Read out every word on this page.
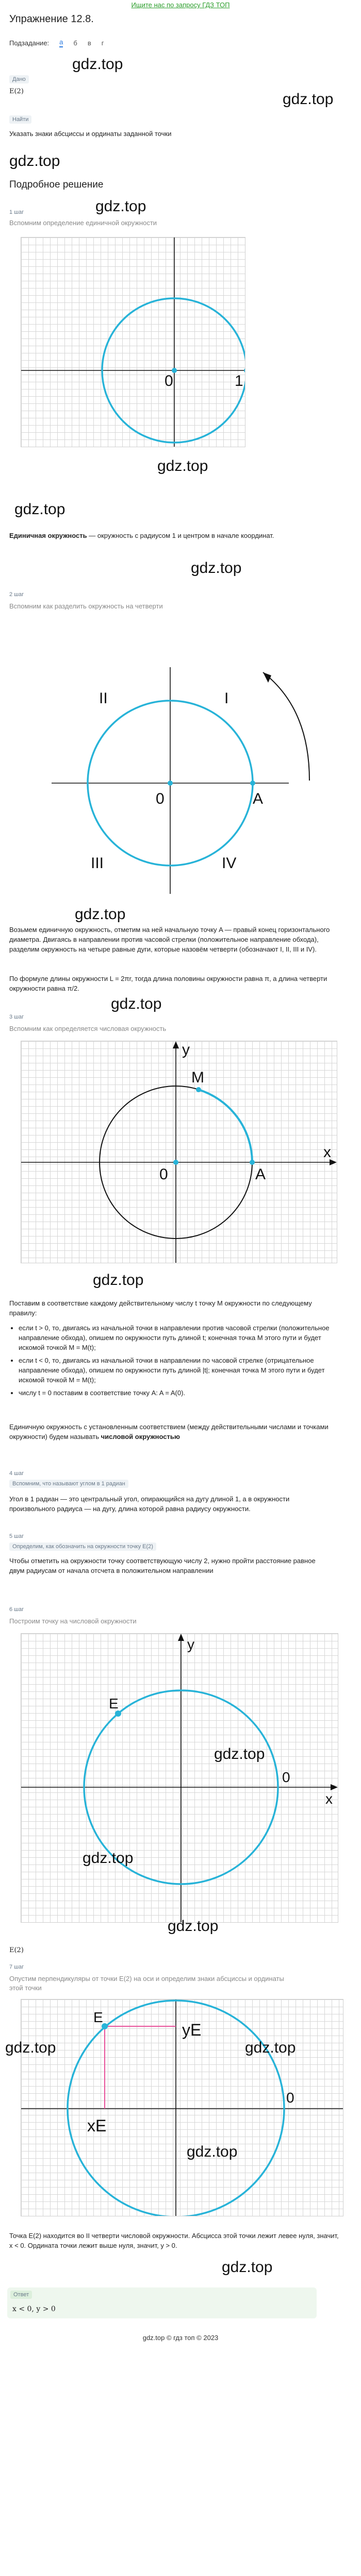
Ищите нас по запросу ГДЗ ТОП
Упражнение 12.8.
Подзадание: а б в г
gdz.top
Дано
E(2)	gdz.top
Найти
Указать знаки абсциссы и ординаты заданной точки
gdz.top
Подробное решение
gdz.top
1 шаг
Вспомним определение единичной окружности
0	1
gdz.top
gdz.top
Единичная окружность — окружность с радиусом 1 и центром в начале координат.
gdz.top
2 шаг
Вспомним как разделить окружность на четверти
I
II
III	IV
0	A
gdz.top
Возьмем единичную окружность, отметим на ней начальную точку A — правый конец горизонтального диаметра. Двигаясь в направлении против часовой стрелки (положительное направление обхода), разделим окружность на четыре равные дуги, которые назовём четверти (обозначают I, II, III и IV).
По формуле длины окружности L = 2πr, тогда длина половины окружности равна π, а длина четверти окружности равна π/2.
gdz.top
3 шаг
Вспомним как определяется числовая окружность
M
A
0
x
y
gdz.top
Поставим в соответствие каждому действительному числу t точку M окружности по следующему правилу:
• если t > 0, то, двигаясь из начальной точки в направлении против часовой стрелки (положительное направление обхода), опишем по окружности путь длиной t; конечная точка M этого пути и будет искомой точкой M = M(t);
• если t < 0, то, двигаясь из начальной точки в направлении по часовой стрелке (отрицательное направление обхода), опишем по окружности путь длиной |t|; конечная точка M этого пути и будет искомой точкой M = M(t);
• числу t = 0 поставим в соответствие точку A: A = A(0).
Единичную окружность с установленным соответствием (между действительными числами и точками окружности) будем называть числовой окружностью
4 шаг
Вспомним, что называют углом в 1 радиан
Угол в 1 радиан — это центральный угол, опирающийся на дугу длиной 1, а в окружности произвольного радиуса — на дугу, длина которой равна радиусу окружности.
5 шаг
Определим, как обозначить на окружности точку E(2)
Чтобы отметить на окружности точку соответствующую числу 2, нужно пройти расстояние равное двум радиусам от начала отсчета в положительном направлении
6 шаг
Построим точку на числовой окружности
E
0
x
y
gdz.top
gdz.top
gdz.top
E(2)
7 шаг
Опустим перпендикуляры от точки E(2) на оси и определим знаки абсциссы и ординаты этой точки
E
yE
xE
0
gdz.top	gdz.top
gdz.top
Точка E(2) находится во II четверти числовой окружности. Абсцисса этой точки лежит левее нуля, значит, x < 0. Ордината точки лежит выше нуля, значит, y > 0.
gdz.top
Ответ
x < 0, y > 0
gdz.top © гдз топ © 2023
